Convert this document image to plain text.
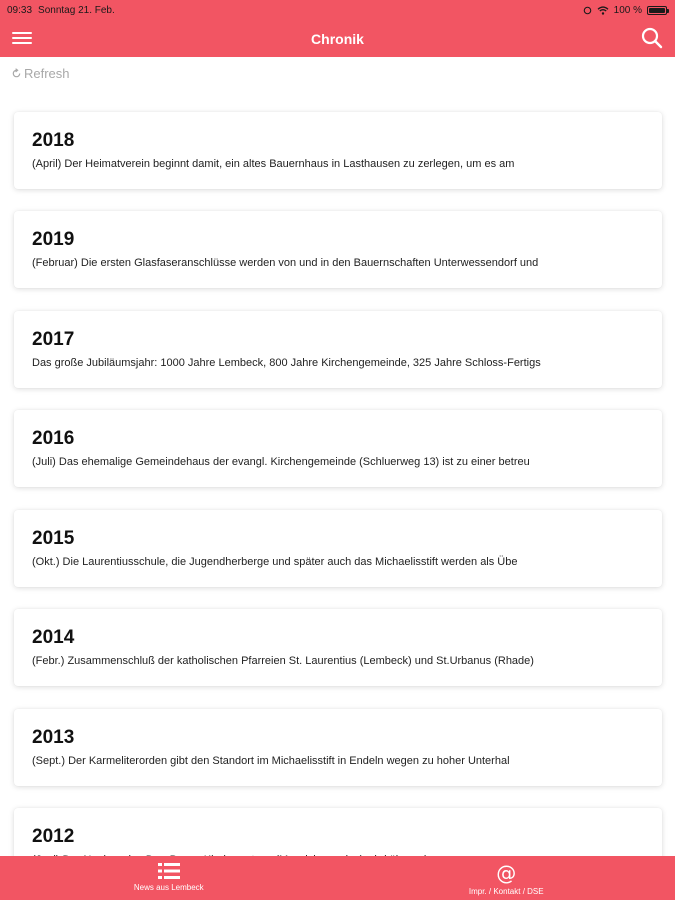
09:33 Sonntag 21. Feb.	100 %
Chronik
Refresh
2018
(April) Der Heimatverein beginnt damit, ein altes Bauernhaus in Lasthausen zu zerlegen, um es am
2019
(Februar) Die ersten Glasfaseranschlüsse werden von und in den Bauernschaften Unterwessendorf und
2017
Das große Jubiläumsjahr: 1000 Jahre Lembeck, 800 Jahre Kirchengemeinde, 325 Jahre Schloss-Fertigs
2016
(Juli) Das ehemalige Gemeindehaus der evangl. Kirchengemeinde (Schluerweg 13) ist zu einer betreu
2015
(Okt.) Die Laurentiusschule, die Jugendherberge und später auch das Michaelisstift werden als Übe
2014
(Febr.) Zusammenschluß der katholischen Pfarreien St. Laurentius (Lembeck) und St.Urbanus (Rhade)
2013
(Sept.) Der Karmeliterorden gibt den Standort im Michaelisstift in Endeln wegen zu hoher Unterhal
2012
News aus Lembeck
@
Impr. / Kontakt / DSE
